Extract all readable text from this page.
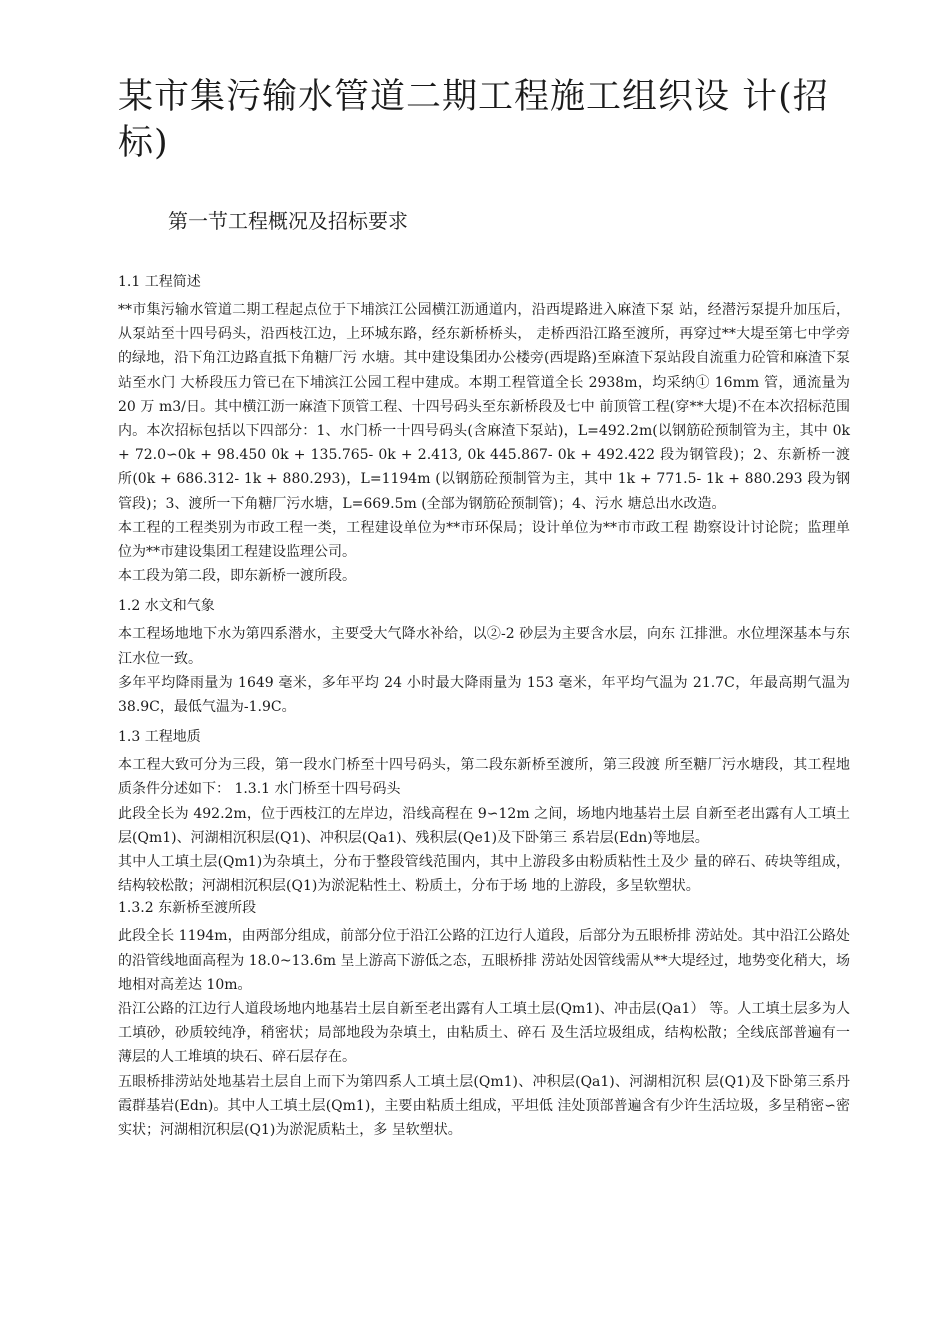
某市集污输水管道二期工程施工组织设 计(招标)
第一节工程概况及招标要求

1.1 工程简述

**市集污输水管道二期工程起点位于下埔滨江公园横江沥通道内，沿西堤路进入麻渣下泵 站，经潜污泵提升加压后，从泵站至十四号码头，沿西枝江边，上环城东路，经东新桥桥头， 走桥西沿江路至渡所，再穿过**大堤至第七中学旁的绿地，沿下角江边路直抵下角糖厂污 水塘。其中建设集团办公楼旁(西堤路)至麻渣下泵站段自流重力砼管和麻渣下泵站至水门 大桥段压力管已在下埔滨江公园工程中建成。本期工程管道全长 2938m，均采纳① 16mm 管，通流量为 20 万 m3/日。其中横江沥一麻渣下顶管工程、十四号码头至东新桥段及七中 前顶管工程(穿**大堤)不在本次招标范围内。本次招标包括以下四部分：1、水门桥一十四号码头(含麻渣下泵站)，L=492.2m(以钢筋砼预制管为主，其中 0k + 72.0∽0k + 98.450 0k + 135.765- 0k + 2.413, 0k 445.867- 0k + 492.422 段为钢管段)；2、东新桥一渡 所(0k + 686.312- 1k + 880.293)，L=1194m (以钢筋砼预制管为主，其中 1k + 771.5- 1k + 880.293 段为钢管段)；3、渡所一下角糖厂污水塘，L=669.5m (全部为钢筋砼预制管)；4、污水 塘总出水改造。

本工程的工程类别为市政工程一类，工程建设单位为**市环保局；设计单位为**市市政工程 勘察设计讨论院；监理单位为**市建设集团工程建设监理公司。

本工段为第二段，即东新桥一渡所段。

1.2 水文和气象

本工程场地地下水为第四系潜水，主要受大气降水补给，以②-2 砂层为主要含水层，向东 江排泄。水位埋深基本与东江水位一致。

多年平均降雨量为 1649 毫米，多年平均 24 小时最大降雨量为 153 毫米，年平均气温为 21.7C，年最高期气温为 38.9C，最低气温为-1.9C。

1.3 工程地质

本工程大致可分为三段，第一段水门桥至十四号码头，第二段东新桥至渡所，第三段渡 所至糖厂污水塘段，其工程地质条件分述如下： 1.3.1 水门桥至十四号码头

此段全长为 492.2m，位于西枝江的左岸边，沿线高程在 9∽12m 之间，场地内地基岩土层 自新至老出露有人工填土层(Qm1)、河湖相沉积层(Q1)、冲积层(Qa1)、残积层(Qe1)及下卧第三 系岩层(Edn)等地层。

其中人工填土层(Qm1)为杂填土，分布于整段管线范围内，其中上游段多由粉质粘性土及少 量的碎石、砖块等组成，结构较松散；河湖相沉积层(Q1)为淤泥粘性土、粉质土，分布于场 地的上游段，多呈软塑状。

1.3.2 东新桥至渡所段

此段全长 1194m，由两部分组成，前部分位于沿江公路的江边行人道段，后部分为五眼桥排 涝站处。其中沿江公路处的沿管线地面高程为 18.0~13.6m 呈上游高下游低之态，五眼桥排 涝站处因管线需从**大堤经过，地势变化稍大，场地相对高差达 10m。

沿江公路的江边行人道段场地内地基岩土层自新至老出露有人工填土层(Qm1)、冲击层(Qa1） 等。人工填土层多为人工填砂，砂质较纯净，稍密状；局部地段为杂填土，由粘质土、碎石 及生活垃圾组成，结构松散；全线底部普遍有一薄层的人工堆填的块石、碎石层存在。

五眼桥排涝站处地基岩土层自上而下为第四系人工填土层(Qm1)、冲积层(Qa1)、河湖相沉积 层(Q1)及下卧第三系丹霞群基岩(Edn)。其中人工填土层(Qm1)，主要由粘质土组成，平坦低 洼处顶部普遍含有少许生活垃圾，多呈稍密∽密实状；河湖相沉积层(Q1)为淤泥质粘土，多 呈软塑状。
